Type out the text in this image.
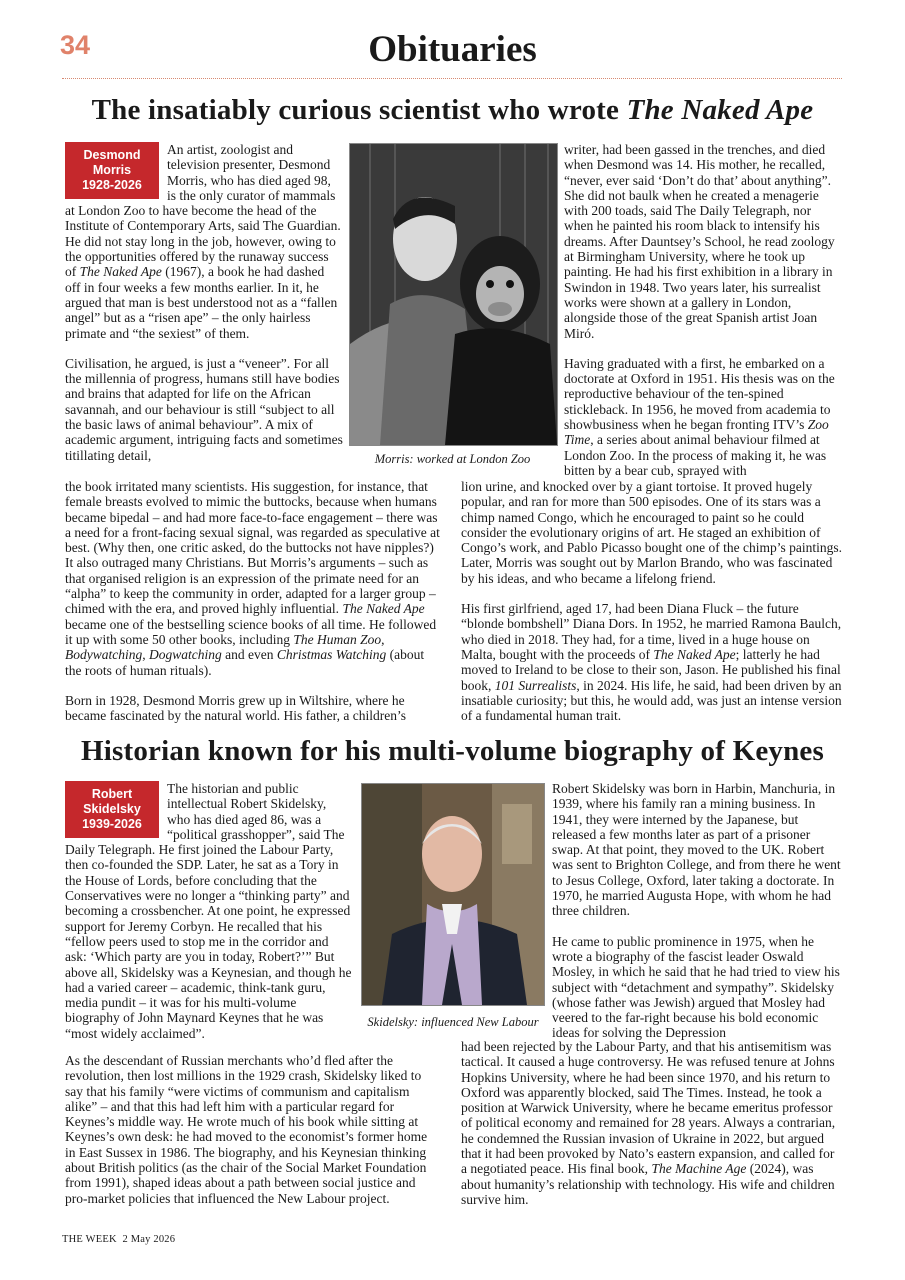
34	Obituaries
The insatiably curious scientist who wrote The Naked Ape
Desmond
Morris
1928-2026

An artist, zoologist and television presenter, Desmond Morris, who has died aged 98, is the only curator of mammals at London Zoo to have become the head of the Institute of Contemporary Arts, said The Guardian. He did not stay long in the job, however, owing to the opportunities offered by the runaway success of The Naked Ape (1967), a book he had dashed off in four weeks a few months earlier. In it, he argued that man is best understood not as a “fallen angel” but as a “risen ape” – the only hairless primate and “the sexiest” of them.

Civilisation, he argued, is just a “veneer”. For all the millennia of progress, humans still have bodies and brains that adapted for life on the African savannah, and our behaviour is still “subject to all the basic laws of animal behaviour”. A mix of academic argument, intriguing facts and sometimes titillating detail,	Morris: worked at London Zoo

the book irritated many scientists. His suggestion, for instance, that female breasts evolved to mimic the buttocks, because when humans became bipedal – and had more face-to-face engagement – there was a need for a front-facing sexual signal, was regarded as speculative at best. (Why then, one critic asked, do the buttocks not have nipples?) It also outraged many Christians. But Morris’s arguments – such as that organised religion is an expression of the primate need for an “alpha” to keep the community in order, adapted for a larger group – chimed with the era, and proved highly influential. The Naked Ape became one of the bestselling science books of all time. He followed it up with some 50 other books, including The Human Zoo, Bodywatching, Dogwatching and even Christmas Watching (about the roots of human rituals).

Born in 1928, Desmond Morris grew up in Wiltshire, where he became fascinated by the natural world. His father, a children’s

writer, had been gassed in the trenches, and died when Desmond was 14. His mother, he recalled, “never, ever said ‘Don’t do that’ about anything”. She did not baulk when he created a menagerie with 200 toads, said The Daily Telegraph, nor when he painted his room black to intensify his dreams. After Dauntsey’s School, he read zoology at Birmingham University, where he took up painting. He had his first exhibition in a library in Swindon in 1948. Two years later, his surrealist works were shown at a gallery in London, alongside those of the great Spanish artist Joan Miró.

Having graduated with a first, he embarked on a doctorate at Oxford in 1951. His thesis was on the reproductive behaviour of the ten-spined stickleback. In 1956, he moved from academia to showbusiness when he began fronting ITV’s Zoo Time, a series about animal behaviour filmed at London Zoo. In the process of making it, he was bitten by a bear cub, sprayed with

lion urine, and knocked over by a giant tortoise. It proved hugely popular, and ran for more than 500 episodes. One of its stars was a chimp named Congo, which he encouraged to paint so he could consider the evolutionary origins of art. He staged an exhibition of Congo’s work, and Pablo Picasso bought one of the chimp’s paintings. Later, Morris was sought out by Marlon Brando, who was fascinated by his ideas, and who became a lifelong friend.

His first girlfriend, aged 17, had been Diana Fluck – the future “blonde bombshell” Diana Dors. In 1952, he married Ramona Baulch, who died in 2018. They had, for a time, lived in a huge house on Malta, bought with the proceeds of The Naked Ape; latterly he had moved to Ireland to be close to their son, Jason. He published his final book, 101 Surrealists, in 2024. His life, he said, had been driven by an insatiable curiosity; but this, he would add, was just an intense version of a fundamental human trait.

Historian known for his multi-volume biography of Keynes
Robert
Skidelsky
1939-2026

The historian and public intellectual Robert Skidelsky, who has died aged 86, was a “political grasshopper”, said The Daily Telegraph. He first joined the Labour Party, then co-founded the SDP. Later, he sat as a Tory in the House of Lords, before concluding that the Conservatives were no longer a “thinking party” and becoming a crossbencher. At one point, he expressed support for Jeremy Corbyn. He recalled that his “fellow peers used to stop me in the corridor and ask: ‘Which party are you in today, Robert?’” But above all, Skidelsky was a Keynesian, and though he had a varied career – academic, think-tank guru, media pundit – it was for his multi-volume biography of John Maynard Keynes that he was “most widely acclaimed”.

Skidelsky: influenced New Labour

As the descendant of Russian merchants who’d fled after the revolution, then lost millions in the 1929 crash, Skidelsky liked to say that his family “were victims of communism and capitalism alike” – and that this had left him with a particular regard for Keynes’s middle way. He wrote much of his book while sitting at Keynes’s own desk: he had moved to the economist’s former home in East Sussex in 1986. The biography, and his Keynesian thinking about British politics (as the chair of the Social Market Foundation from 1991), shaped ideas about a path between social justice and pro-market policies that influenced the New Labour project.

Robert Skidelsky was born in Harbin, Manchuria, in 1939, where his family ran a mining business. In 1941, they were interned by the Japanese, but released a few months later as part of a prisoner swap. At that point, they moved to the UK. Robert was sent to Brighton College, and from there he went to Jesus College, Oxford, later taking a doctorate. In 1970, he married Augusta Hope, with whom he had three children.

He came to public prominence in 1975, when he wrote a biography of the fascist leader Oswald Mosley, in which he said that he had tried to view his subject with “detachment and sympathy”. Skidelsky (whose father was Jewish) argued that Mosley had veered to the far-right because his bold economic ideas for solving the Depression

had been rejected by the Labour Party, and that his antisemitism was tactical. It caused a huge controversy. He was refused tenure at Johns Hopkins University, where he had been since 1970, and his return to Oxford was apparently blocked, said The Times. Instead, he took a position at Warwick University, where he became emeritus professor of political economy and remained for 28 years. Always a contrarian, he condemned the Russian invasion of Ukraine in 2022, but argued that it had been provoked by Nato’s eastern expansion, and called for a negotiated peace. His final book, The Machine Age (2024), was about humanity’s relationship with technology. His wife and children survive him.

THE WEEK 2 May 2026
